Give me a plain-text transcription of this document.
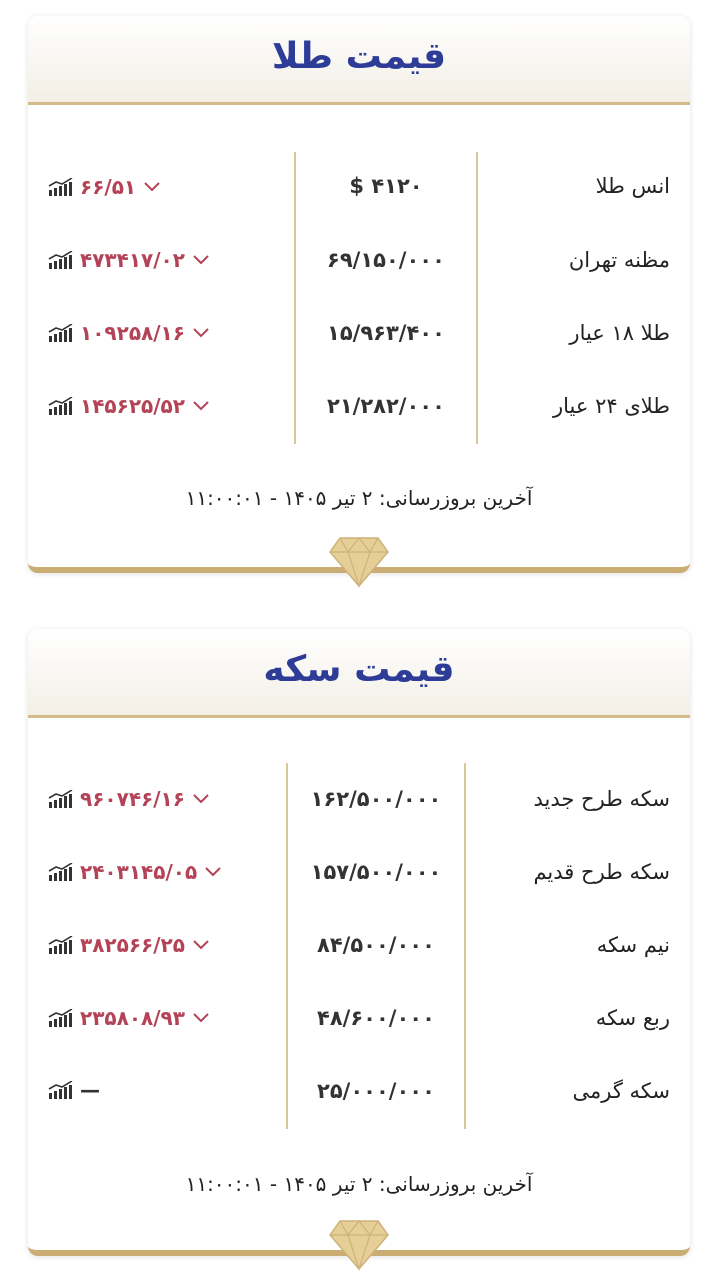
قیمت طلا
انس طلا
۴۱۲۰ $
۶۶/۵۱
مظنه تهران
۶۹/۱۵۰/۰۰۰
۴۷۳۴۱۷/۰۲
طلا ۱۸ عیار
۱۵/۹۶۳/۴۰۰
۱۰۹۲۵۸/۱۶
طلای ۲۴ عیار
۲۱/۲۸۲/۰۰۰
۱۴۵۶۲۵/۵۲
آخرین بروزرسانی: ۲ تیر ۱۴۰۵ - ۱۱:۰۰:۰۱
قیمت سکه
سکه طرح جدید
۱۶۲/۵۰۰/۰۰۰
۹۶۰۷۴۶/۱۶
سکه طرح قدیم
۱۵۷/۵۰۰/۰۰۰
۲۴۰۳۱۴۵/۰۵
نیم سکه
۸۴/۵۰۰/۰۰۰
۳۸۲۵۶۶/۲۵
ربع سکه
۴۸/۶۰۰/۰۰۰
۲۳۵۸۰۸/۹۳
سکه گرمی
۲۵/۰۰۰/۰۰۰
—
آخرین بروزرسانی: ۲ تیر ۱۴۰۵ - ۱۱:۰۰:۰۱
